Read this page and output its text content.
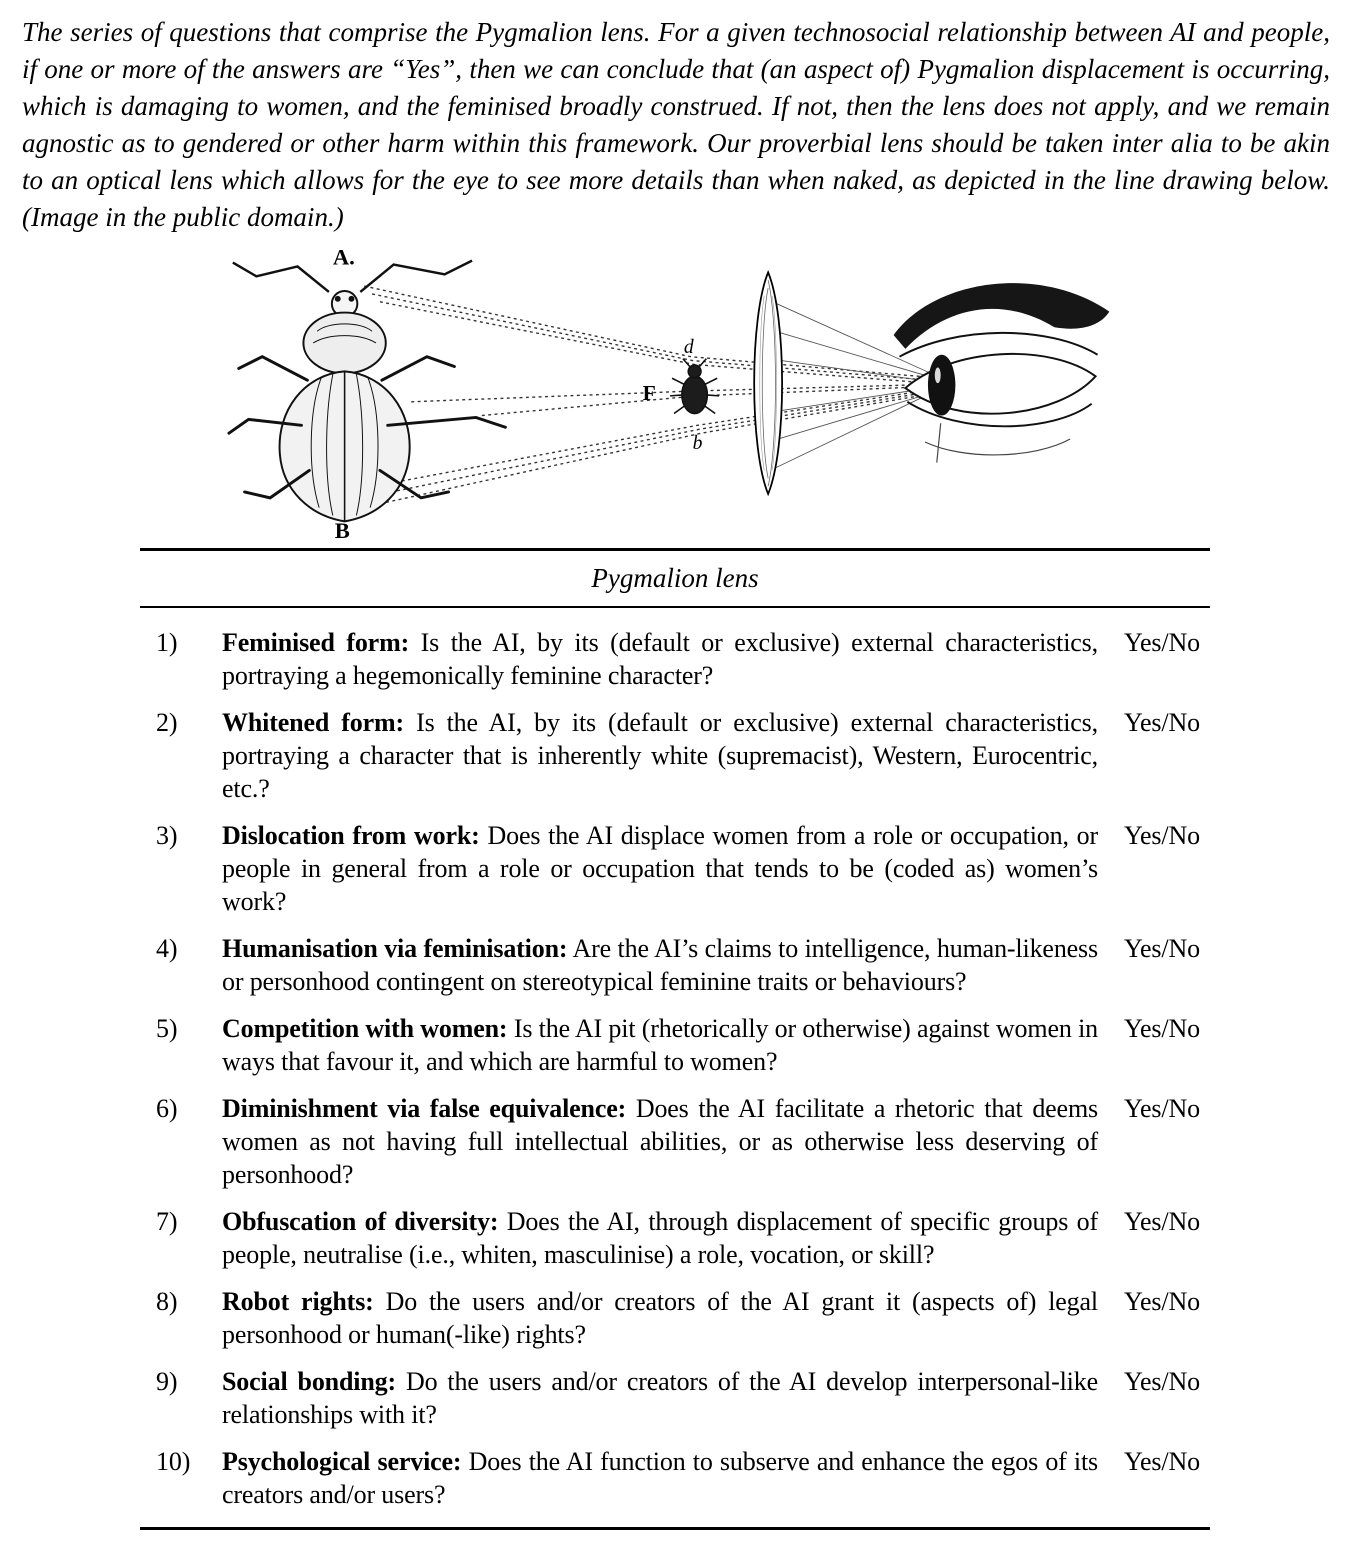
The series of questions that comprise the Pygmalion lens. For a given technosocial relationship between AI and people, if one or more of the answers are “Yes”, then we can conclude that (an aspect of) Pygmalion displacement is occurring, which is damaging to women, and the feminised broadly construed. If not, then the lens does not apply, and we remain agnostic as to gendered or other harm within this framework. Our proverbial lens should be taken inter alia to be akin to an optical lens which allows for the eye to see more details than when naked, as depicted in the line drawing below. (Image in the public domain.)

A.
B
d
b
F
Pygmalion lens
1)	Feminised form: Is the AI, by its (default or exclusive) external characteristics, portraying a hegemonically feminine character?
Yes/No
2)	Whitened form: Is the AI, by its (default or exclusive) external characteristics, portraying a character that is inherently white (supremacist), Western, Eurocentric, etc.?
Yes/No
3)	Dislocation from work: Does the AI displace women from a role or occupation, or people in general from a role or occupation that tends to be (coded as) women’s work?
Yes/No
4)	Humanisation via feminisation: Are the AI’s claims to intelligence, human-likeness or personhood contingent on stereotypical feminine traits or behaviours?
Yes/No
5)	Competition with women: Is the AI pit (rhetorically or otherwise) against women in ways that favour it, and which are harmful to women?
Yes/No
6)	Diminishment via false equivalence: Does the AI facilitate a rhetoric that deems women as not having full intellectual abilities, or as otherwise less deserving of personhood?
Yes/No
7)	Obfuscation of diversity: Does the AI, through displacement of specific groups of people, neutralise (i.e., whiten, masculinise) a role, vocation, or skill?
Yes/No
8)	Robot rights: Do the users and/or creators of the AI grant it (aspects of) legal personhood or human(-like) rights?
Yes/No
9)	Social bonding: Do the users and/or creators of the AI develop interpersonal-like relationships with it?
Yes/No
10)	Psychological service: Does the AI function to subserve and enhance the egos of its creators and/or users?
Yes/No
